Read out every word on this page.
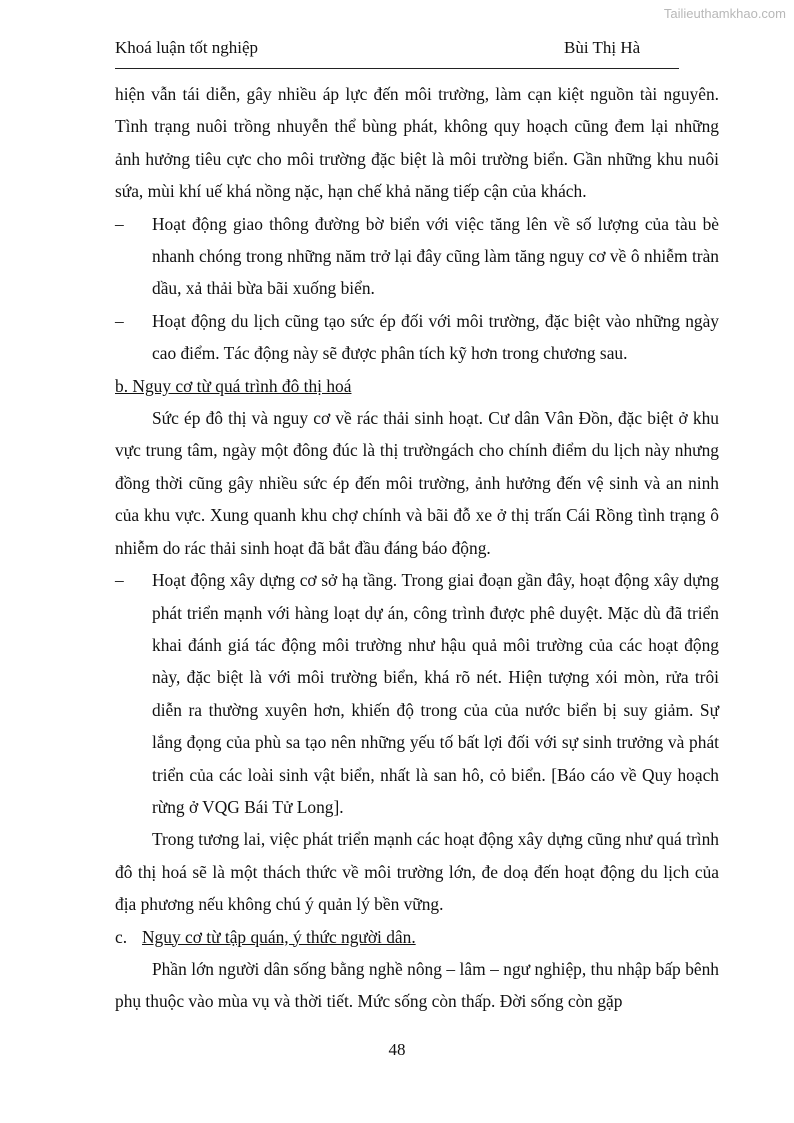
Tailieuthamkhao.com
Khoá luận tốt nghiệp	Bùi Thị Hà

hiện vẫn tái diễn, gây nhiều áp lực đến môi trường, làm cạn kiệt nguồn tài nguyên. Tình trạng nuôi trồng nhuyễn thể bùng phát, không quy hoạch cũng đem lại những ảnh hưởng tiêu cực cho môi trường đặc biệt là môi trường biển. Gần những khu nuôi sứa, mùi khí uế khá nồng nặc, hạn chế khả năng tiếp cận của khách.

–	Hoạt động giao thông đường bờ biển với việc tăng lên về số lượng của tàu bè nhanh chóng trong những năm trở lại đây cũng làm tăng nguy cơ về ô nhiễm tràn dầu, xả thải bừa bãi xuống biển.
–	Hoạt động du lịch cũng tạo sức ép đối với môi trường, đặc biệt vào những ngày cao điểm. Tác động này sẽ được phân tích kỹ hơn trong chương sau.

b. Nguy cơ từ quá trình đô thị hoá

Sức ép đô thị và nguy cơ về rác thải sinh hoạt. Cư dân Vân Đồn, đặc biệt ở khu vực trung tâm, ngày một đông đúc là thị trườngách cho chính điểm du lịch này nhưng đồng thời cũng gây nhiều sức ép đến môi trường, ảnh hưởng đến vệ sinh và an ninh của khu vực. Xung quanh khu chợ chính và bãi đỗ xe ở thị trấn Cái Rồng tình trạng ô nhiễm do rác thải sinh hoạt đã bắt đầu đáng báo động.

–	Hoạt động xây dựng cơ sở hạ tầng. Trong giai đoạn gần đây, hoạt động xây dựng phát triển mạnh với hàng loạt dự án, công trình được phê duyệt. Mặc dù đã triển khai đánh giá tác động môi trường như hậu quả môi trường của các hoạt động này, đặc biệt là với môi trường biển, khá rõ nét. Hiện tượng xói mòn, rửa trôi diễn ra thường xuyên hơn, khiến độ trong của của nước biển bị suy giảm. Sự lắng đọng của phù sa tạo nên những yếu tố bất lợi đối với sự sinh trưởng và phát triển của các loài sinh vật biển, nhất là san hô, cỏ biển. [Báo cáo về Quy hoạch rừng ở VQG Bái Tử Long].

Trong tương lai, việc phát triển mạnh các hoạt động xây dựng cũng như quá trình đô thị hoá sẽ là một thách thức về môi trường lớn, đe doạ đến hoạt động du lịch của địa phương nếu không chú ý quản lý bền vững.

c. Nguy cơ từ tập quán, ý thức người dân.

Phần lớn người dân sống bằng nghề nông – lâm – ngư nghiệp, thu nhập bấp bênh phụ thuộc vào mùa vụ và thời tiết. Mức sống còn thấp. Đời sống còn gặp

48
